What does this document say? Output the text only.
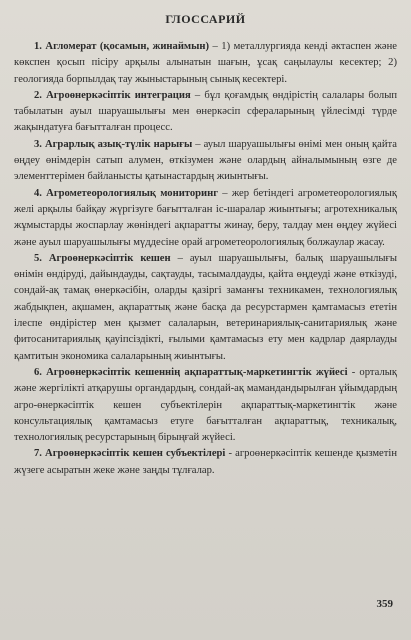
ГЛОССАРИЙ

1. Агломерат (қосамын, жинаймын) – 1) металлургияда кенді әктаспен және көкспен қосып пісіру арқылы алынатын шағын, ұсақ саңылаулы кесектер; 2) геологияда борпылдақ тау жыныстарының сынық кесектері.

2. Агроөнеркәсіптік интеграция – бұл қоғамдық өндірістің салалары болып табылатын ауыл шаруашылығы мен өнеркәсіп сфераларының үйлесімді түрде жақындатуға бағытталған процесс.

3. Аграрлық азық-түлік нарығы – ауыл шаруашылығы өнімі мен оның қайта өңдеу өнімдерін сатып алумен, өткізумен және олардың айналымының өзге де элементтерімен байланысты қатынастардың жиынтығы.

4. Агрометеорологиялық мониторинг – жер бетіндегі агрометеорологиялық желі арқылы байқау жүргізуге бағытталған іс-шаралар жиынтығы; агротехникалық жұмыстарды жоспарлау жөніндегі ақпаратты жинау, беру, талдау мен өңдеу жүйесі және ауыл шаруашылығы мүддесіне орай агрометеорологиялық болжаулар жасау.

5. Агроөнеркәсіптік кешен – ауыл шаруашылығы, балық шаруашылығы өнімін өндіруді, дайындауды, сақтауды, тасымалдауды, қайта өңдеуді және өткізуді, сондай-ақ тамақ өнеркәсібін, оларды қазіргі заманғы техникамен, технологиялық жабдықпен, ақшамен, ақпараттық және басқа да ресурстармен қамтамасыз ететін ілеспе өндірістер мен қызмет салаларын, ветеринариялық-санитариялық және фитосанитариялық қауіпсіздікті, ғылыми қамтамасыз ету мен кадрлар даярлауды қамтитын экономика салаларының жиынтығы.

6. Агроөнеркәсіптік кешеннің ақпараттық-маркетингтік жүйесі - орталық және жергілікті атқарушы органдардың, сондай-ақ мамандандырылған ұйымдардың агро-өнеркәсіптік кешен субъектілерін ақпараттық-маркетингтік және консультациялық қамтамасыз етуге бағытталған ақпараттық, техникалық, технологиялық ресурстарының бірыңғай жүйесі.

7. Агроөнеркәсіптік кешен субъектілері - агроөнеркәсіптік кешенде қызметін жүзеге асыратын жеке және заңды тұлғалар.

359
